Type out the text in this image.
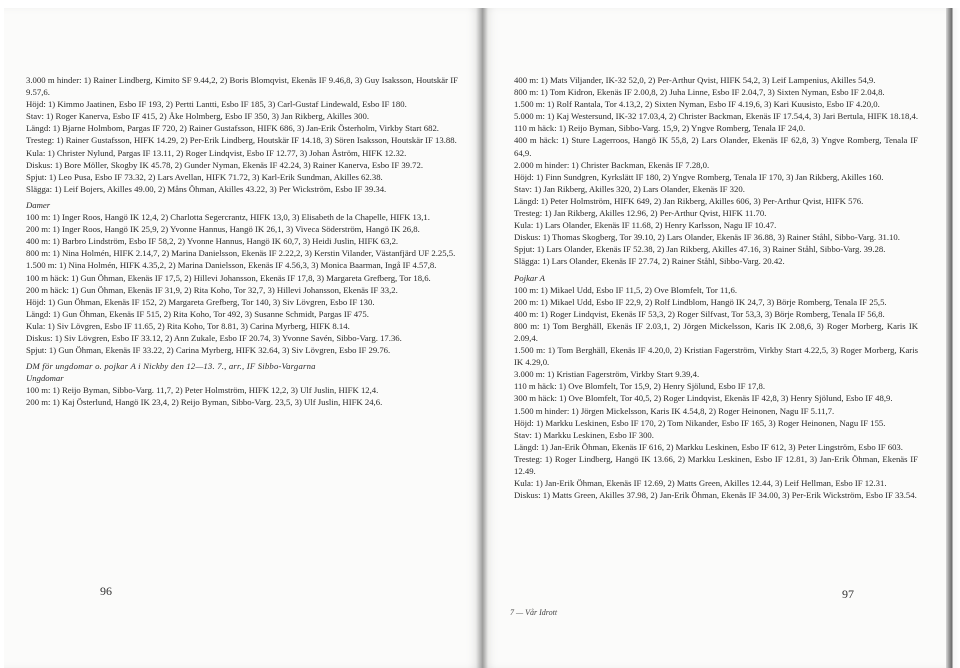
3.000 m hinder: 1) Rainer Lindberg, Kimito SF 9.44,2, 2) Boris Blomqvist, Ekenäs IF 9.46,8, 3) Guy Isaksson, Houtskär IF 9.57,6.

Höjd: 1) Kimmo Jaatinen, Esbo IF 193, 2) Pertti Lantti, Esbo IF 185, 3) Carl-Gustaf Lindewald, Esbo IF 180.

Stav: 1) Roger Kanerva, Esbo IF 415, 2) Åke Holmberg, Esbo IF 350, 3) Jan Rikberg, Akilles 300.

Längd: 1) Bjarne Holmbom, Pargas IF 720, 2) Rainer Gustafsson, HIFK 686, 3) Jan-Erik Österholm, Virkby Start 682.

Tresteg: 1) Rainer Gustafsson, HIFK 14.29, 2) Per-Erik Lindberg, Houtskär IF 14.18, 3) Sören Isaksson, Houtskär IF 13.88.

Kula: 1) Christer Nylund, Pargas IF 13.11, 2) Roger Lindqvist, Esbo IF 12.77, 3) Johan Åström, HIFK 12.32.

Diskus: 1) Bore Möller, Skogby IK 45.78, 2) Gunder Nyman, Ekenäs IF 42.24, 3) Rainer Kanerva, Esbo IF 39.72.

Spjut: 1) Leo Pusa, Esbo IF 73.32, 2) Lars Avellan, HIFK 71.72, 3) Karl-Erik Sundman, Akilles 62.38.

Slägga: 1) Leif Bojers, Akilles 49.00, 2) Måns Öhman, Akilles 43.22, 3) Per Wickström, Esbo IF 39.34.

Damer

100 m: 1) Inger Roos, Hangö IK 12,4, 2) Charlotta Segercrantz, HIFK 13,0, 3) Elisabeth de la Chapelle, HIFK 13,1.

200 m: 1) Inger Roos, Hangö IK 25,9, 2) Yvonne Hannus, Hangö IK 26,1, 3) Viveca Söderström, Hangö IK 26,8.

400 m: 1) Barbro Lindström, Esbo IF 58,2, 2) Yvonne Hannus, Hangö IK 60,7, 3) Heidi Juslin, HIFK 63,2.

800 m: 1) Nina Holmén, HIFK 2.14,7, 2) Marina Danielsson, Ekenäs IF 2.22,2, 3) Kerstin Vilander, Västanfjärd UF 2.25,5.

1.500 m: 1) Nina Holmén, HIFK 4.35,2, 2) Marina Danielsson, Ekenäs IF 4.56,3, 3) Monica Baarman, Ingå IF 4.57,8.

100 m häck: 1) Gun Öhman, Ekenäs IF 17,5, 2) Hillevi Johansson, Ekenäs IF 17,8, 3) Margareta Grefberg, Tor 18,6.

200 m häck: 1) Gun Öhman, Ekenäs IF 31,9, 2) Rita Koho, Tor 32,7, 3) Hillevi Johansson, Ekenäs IF 33,2.

Höjd: 1) Gun Öhman, Ekenäs IF 152, 2) Margareta Grefberg, Tor 140, 3) Siv Lövgren, Esbo IF 130.

Längd: 1) Gun Öhman, Ekenäs IF 515, 2) Rita Koho, Tor 492, 3) Susanne Schmidt, Pargas IF 475.

Kula: 1) Siv Lövgren, Esbo IF 11.65, 2) Rita Koho, Tor 8.81, 3) Carina Myrberg, HIFK 8.14.

Diskus: 1) Siv Lövgren, Esbo IF 33.12, 2) Ann Zukale, Esbo IF 20.74, 3) Yvonne Savén, Sibbo-Varg. 17.36.

Spjut: 1) Gun Öhman, Ekenäs IF 33.22, 2) Carina Myrberg, HIFK 32.64, 3) Siv Lövgren, Esbo IF 29.76.

DM för ungdomar o. pojkar A i Nickby den 12—13. 7., arr., IF Sibbo-Vargarna

Ungdomar

100 m: 1) Reijo Byman, Sibbo-Varg. 11,7, 2) Peter Holmström, HIFK 12,2, 3) Ulf Juslin, HIFK 12,4.

200 m: 1) Kaj Österlund, Hangö IK 23,4, 2) Reijo Byman, Sibbo-Varg. 23,5, 3) Ulf Juslin, HIFK 24,6.

400 m: 1) Mats Viljander, IK-32 52,0, 2) Per-Arthur Qvist, HIFK 54,2, 3) Leif Lampenius, Akilles 54,9.

800 m: 1) Tom Kidron, Ekenäs IF 2.00,8, 2) Juha Linne, Esbo IF 2.04,7, 3) Sixten Nyman, Esbo IF 2.04,8.

1.500 m: 1) Rolf Rantala, Tor 4.13,2, 2) Sixten Nyman, Esbo IF 4.19,6, 3) Kari Kuusisto, Esbo IF 4.20,0.

5.000 m: 1) Kaj Westersund, IK-32 17.03,4, 2) Christer Backman, Ekenäs IF 17.54,4, 3) Jari Bertula, HIFK 18.18,4.

110 m häck: 1) Reijo Byman, Sibbo-Varg. 15,9, 2) Yngve Romberg, Tenala IF 24,0.

400 m häck: 1) Sture Lagerroos, Hangö IK 55,8, 2) Lars Olander, Ekenäs IF 62,8, 3) Yngve Romberg, Tenala IF 64,9.

2.000 m hinder: 1) Christer Backman, Ekenäs IF 7.28,0.

Höjd: 1) Finn Sundgren, Kyrkslätt IF 180, 2) Yngve Romberg, Tenala IF 170, 3) Jan Rikberg, Akilles 160.

Stav: 1) Jan Rikberg, Akilles 320, 2) Lars Olander, Ekenäs IF 320.

Längd: 1) Peter Holmström, HIFK 649, 2) Jan Rikberg, Akilles 606, 3) Per-Arthur Qvist, HIFK 576.

Tresteg: 1) Jan Rikberg, Akilles 12.96, 2) Per-Arthur Qvist, HIFK 11.70.

Kula: 1) Lars Olander, Ekenäs IF 11.68, 2) Henry Karlsson, Nagu IF 10.47.

Diskus: 1) Thomas Skogberg, Tor 39.10, 2) Lars Olander, Ekenäs IF 36.88, 3) Rainer Ståhl, Sibbo-Varg. 31.10.

Spjut: 1) Lars Olander, Ekenäs IF 52.38, 2) Jan Rikberg, Akilles 47.16, 3) Rainer Ståhl, Sibbo-Varg. 39.28.

Slägga: 1) Lars Olander, Ekenäs IF 27.74, 2) Rainer Ståhl, Sibbo-Varg. 20.42.

Pojkar A

100 m: 1) Mikael Udd, Esbo IF 11,5, 2) Ove Blomfelt, Tor 11,6.

200 m: 1) Mikael Udd, Esbo IF 22,9, 2) Rolf Lindblom, Hangö IK 24,7, 3) Börje Romberg, Tenala IF 25,5.

400 m: 1) Roger Lindqvist, Ekenäs IF 53,3, 2) Roger Silfvast, Tor 53,3, 3) Börje Romberg, Tenala IF 56,8.

800 m: 1) Tom Berghäll, Ekenäs IF 2.03,1, 2) Jörgen Mickelsson, Karis IK 2.08,6, 3) Roger Morberg, Karis IK 2.09,4.

1.500 m: 1) Tom Berghäll, Ekenäs IF 4.20,0, 2) Kristian Fagerström, Virkby Start 4.22,5, 3) Roger Morberg, Karis IK 4.29,0.

3.000 m: 1) Kristian Fagerström, Virkby Start 9.39,4.

110 m häck: 1) Ove Blomfelt, Tor 15,9, 2) Henry Sjölund, Esbo IF 17,8.

300 m häck: 1) Ove Blomfelt, Tor 40,5, 2) Roger Lindqvist, Ekenäs IF 42,8, 3) Henry Sjölund, Esbo IF 48,9.

1.500 m hinder: 1) Jörgen Mickelsson, Karis IK 4.54,8, 2) Roger Heinonen, Nagu IF 5.11,7.

Höjd: 1) Markku Leskinen, Esbo IF 170, 2) Tom Nikander, Esbo IF 165, 3) Roger Heinonen, Nagu IF 155.

Stav: 1) Markku Leskinen, Esbo IF 300.

Längd: 1) Jan-Erik Öhman, Ekenäs IF 616, 2) Markku Leskinen, Esbo IF 612, 3) Peter Lingström, Esbo IF 603.

Tresteg: 1) Roger Lindberg, Hangö IK 13.66, 2) Markku Leskinen, Esbo IF 12.81, 3) Jan-Erik Öhman, Ekenäs IF 12.49.

Kula: 1) Jan-Erik Öhman, Ekenäs IF 12.69, 2) Matts Green, Akilles 12.44, 3) Leif Hellman, Esbo IF 12.31.

Diskus: 1) Matts Green, Akilles 37.98, 2) Jan-Erik Öhman, Ekenäs IF 34.00, 3) Per-Erik Wickström, Esbo IF 33.54.

96	97
7 — Vår Idrott
